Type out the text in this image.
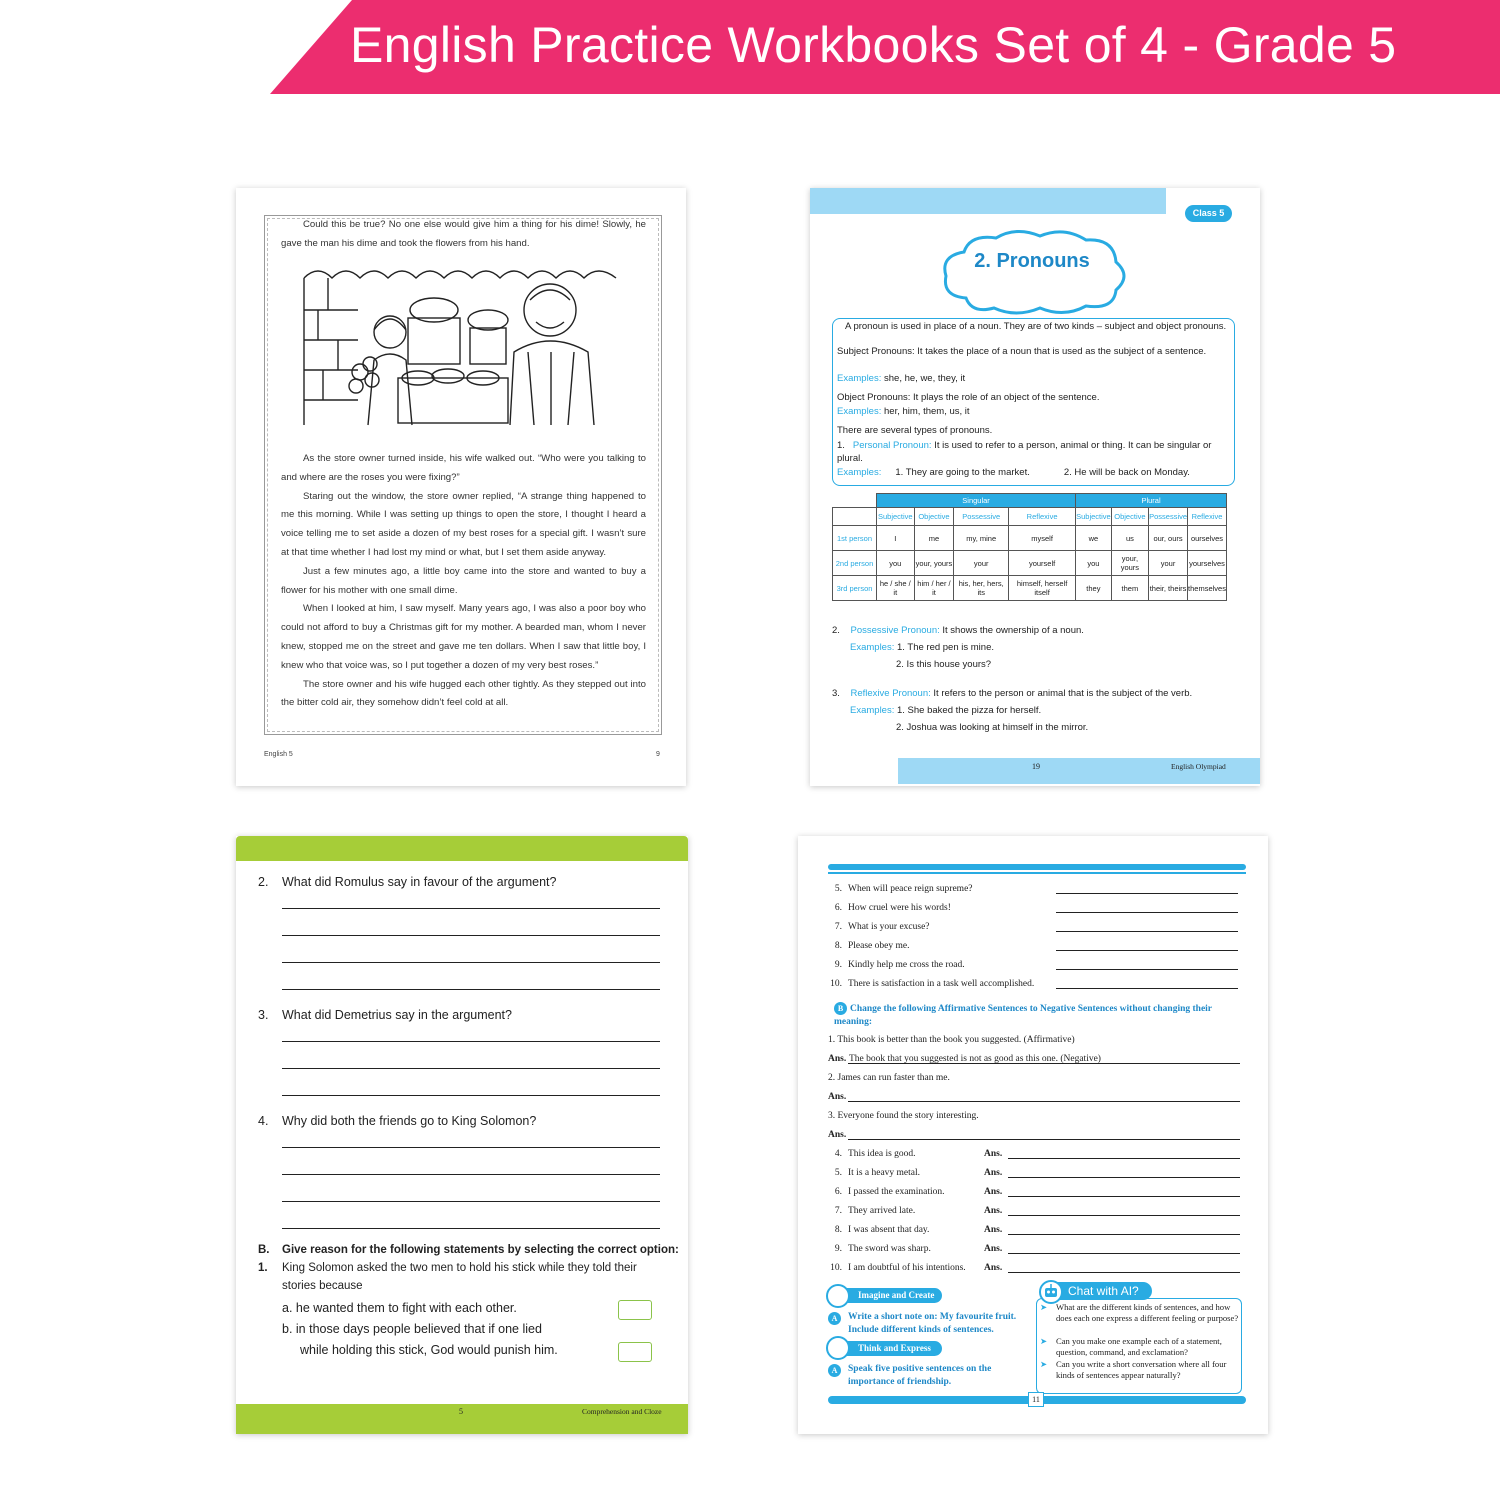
English Practice Workbooks Set of 4 - Grade 5

Could this be true? No one else would give him a thing for his dime! Slowly, he gave the man his dime and took the flowers from his hand.

As the store owner turned inside, his wife walked out. “Who were you talking to and where are the roses you were fixing?”

Staring out the window, the store owner replied, “A strange thing happened to me this morning. While I was setting up things to open the store, I thought I heard a voice telling me to set aside a dozen of my best roses for a special gift. I wasn’t sure at that time whether I had lost my mind or what, but I set them aside anyway.

Just a few minutes ago, a little boy came into the store and wanted to buy a flower for his mother with one small dime.

When I looked at him, I saw myself. Many years ago, I was also a poor boy who could not afford to buy a Christmas gift for my mother. A bearded man, whom I never knew, stopped me on the street and gave me ten dollars. When I saw that little boy, I knew who that voice was, so I put together a dozen of my very best roses.”

The store owner and his wife hugged each other tightly. As they stepped out into the bitter cold air, they somehow didn’t feel cold at all.

English 5	9
Class 5
2. Pronouns
A pronoun is used in place of a noun. They are of two kinds – subject and object pronouns.
Subject Pronouns: It takes the place of a noun that is used as the subject of a sentence.
Examples: she, he, we, they, it
Object Pronouns: It plays the role of an object of the sentence.
Examples: her, him, them, us, it
There are several types of pronouns.
1. Personal Pronoun: It is used to refer to a person, animal or thing. It can be singular or plural.
Examples: 1. They are going to the market.	2. He will be back on Monday.
	Singular				Plural			
	Subjective	Objective	Possessive	Reflexive	Subjective	Objective	Possessive	Reflexive
1st person	I	me	my, mine	myself	we	us	our, ours	ourselves
2nd person	you	your, yours	your	yourself	you	your, yours	your	yourselves
3rd person	he / she / it	him / her / it	his, her, hers, its	himself, herself itself	they	them	their, theirs	themselves
2. Possessive Pronoun: It shows the ownership of a noun.
Examples: 1. The red pen is mine.
2. Is this house yours?
3. Reflexive Pronoun: It refers to the person or animal that is the subject of the verb.
Examples: 1. She baked the pizza for herself.
2. Joshua was looking at himself in the mirror.
19	English Olympiad
2. What did Romulus say in favour of the argument?
3. What did Demetrius say in the argument?
4. Why did both the friends go to King Solomon?
B. Give reason for the following statements by selecting the correct option:
1. King Solomon asked the two men to hold his stick while they told their
stories because
a. he wanted them to fight with each other.
b. in those days people believed that if one lied
while holding this stick, God would punish him.
5	Comprehension and Cloze
5. When will peace reign supreme?
6. How cruel were his words!
7. What is your excuse?
8. Please obey me.
9. Kindly help me cross the road.
10. There is satisfaction in a task well accomplished.
B Change the following Affirmative Sentences to Negative Sentences without changing their meaning:
1. This book is better than the book you suggested. (Affirmative)
Ans. The book that you suggested is not as good as this one. (Negative)
2. James can run faster than me.
Ans.
3. Everyone found the story interesting.
Ans.
4. This idea is good.	Ans.
5. It is a heavy metal.	Ans.
6. I passed the examination.	Ans.
7. They arrived late.	Ans.
8. I was absent that day.	Ans.
9. The sword was sharp.	Ans.
10. I am doubtful of his intentions. Ans.
Imagine and Create
A	Write a short note on: My favourite fruit. Include different kinds of sentences.
Think and Express
A	Speak five positive sentences on the importance of friendship.
Chat with AI?
➤ What are the different kinds of sentences, and how does each one express a different feeling or purpose?
➤ Can you make one example each of a statement, question, command, and exclamation?
➤ Can you write a short conversation where all four kinds of sentences appear naturally?
11
